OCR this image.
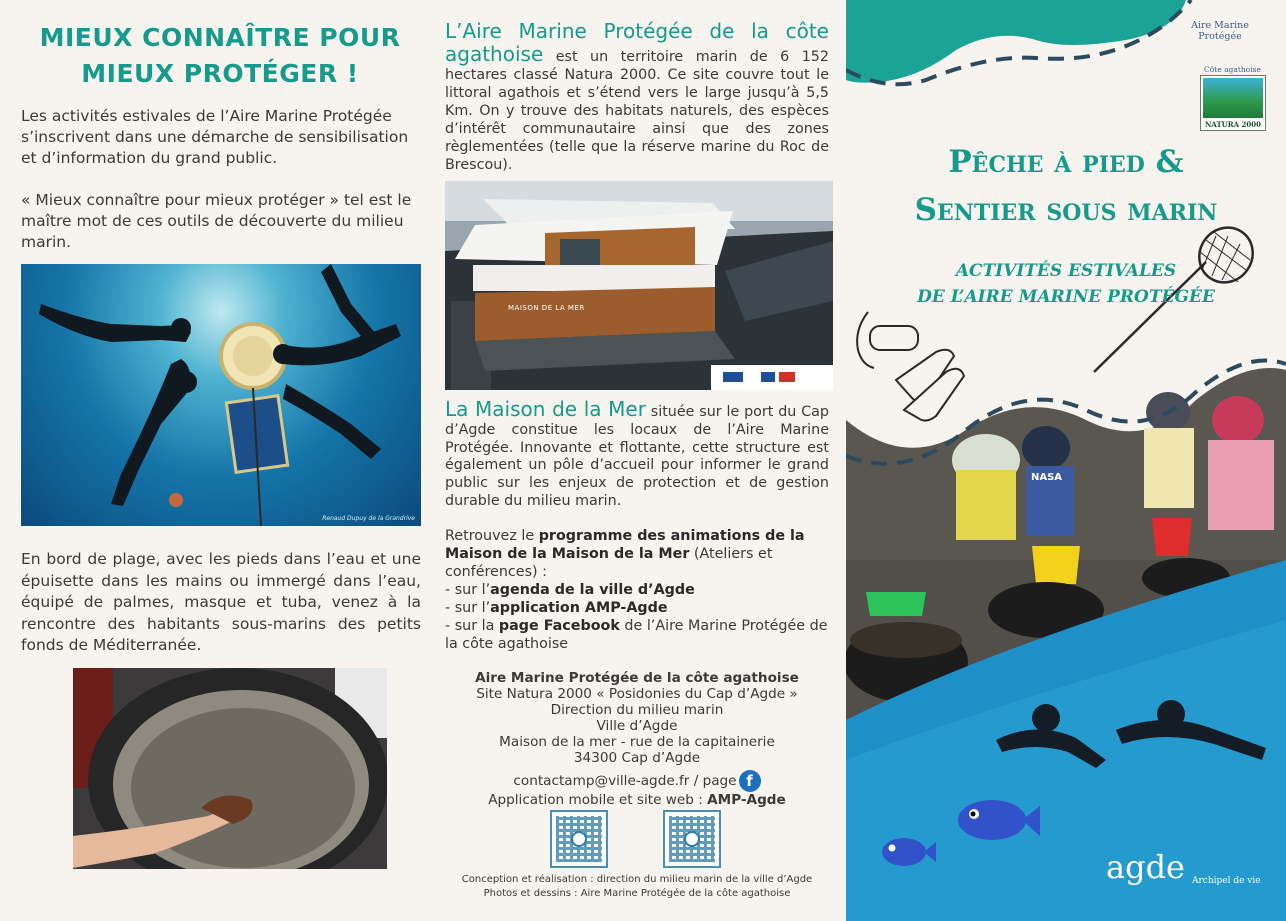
MIEUX CONNAÎTRE POUR MIEUX PROTÉGER !

Les activités estivales de l’Aire Marine Protégée s’inscrivent dans une démarche de sensibilisation et d’information du grand public.

« Mieux connaître pour mieux protéger » tel est le maître mot de ces outils de découverte du milieu marin.

Renaud Dupuy de la Grandrive
En bord de plage, avec les pieds dans l’eau et une épuisette dans les mains ou immergé dans l’eau, équipé de palmes, masque et tuba, venez à la rencontre des habitants sous-marins des petits fonds de Méditerranée.
L’Aire Marine Protégée de la côte agathoise est un territoire marin de 6 152 hectares classé Natura 2000. Ce site couvre tout le littoral agathois et s’étend vers le large jusqu’à 5,5 Km. On y trouve des habitats naturels, des espèces d’intérêt communautaire ainsi que des zones règlementées (telle que la réserve marine du Roc de Brescou).
MAISON DE LA MER
La Maison de la Mer située sur le port du Cap d’Agde constitue les locaux de l’Aire Marine Protégée. Innovante et flottante, cette structure est également un pôle d’accueil pour informer le grand public sur les enjeux de protection et de gestion durable du milieu marin.
Retrouvez le programme des animations de la Maison de la Maison de la Mer (Ateliers et conférences) :
- sur l’agenda de la ville d’Agde
- sur l’application AMP-Agde
- sur la page Facebook de l’Aire Marine Protégée de la côte agathoise
Aire Marine Protégée de la côte agathoise
Site Natura 2000 « Posidonies du Cap d’Agde »
Direction du milieu marin
Ville d’Agde
Maison de la mer - rue de la capitainerie
34300 Cap d’Agde
contactamp@ville-agde.fr / page f
Application mobile et site web : AMP-Agde
Conception et réalisation : direction du milieu marin de la ville d’Agde
Photos et dessins : Aire Marine Protégée de la côte agathoise
Aire Marine Protégée
Côte agathoise
NATURA 2000
Pêche à pied &
Sentier sous marin
ACTIVITÉS ESTIVALES
DE L’AIRE MARINE PROTÉGÉE
NASA
agde Archipel de vie
